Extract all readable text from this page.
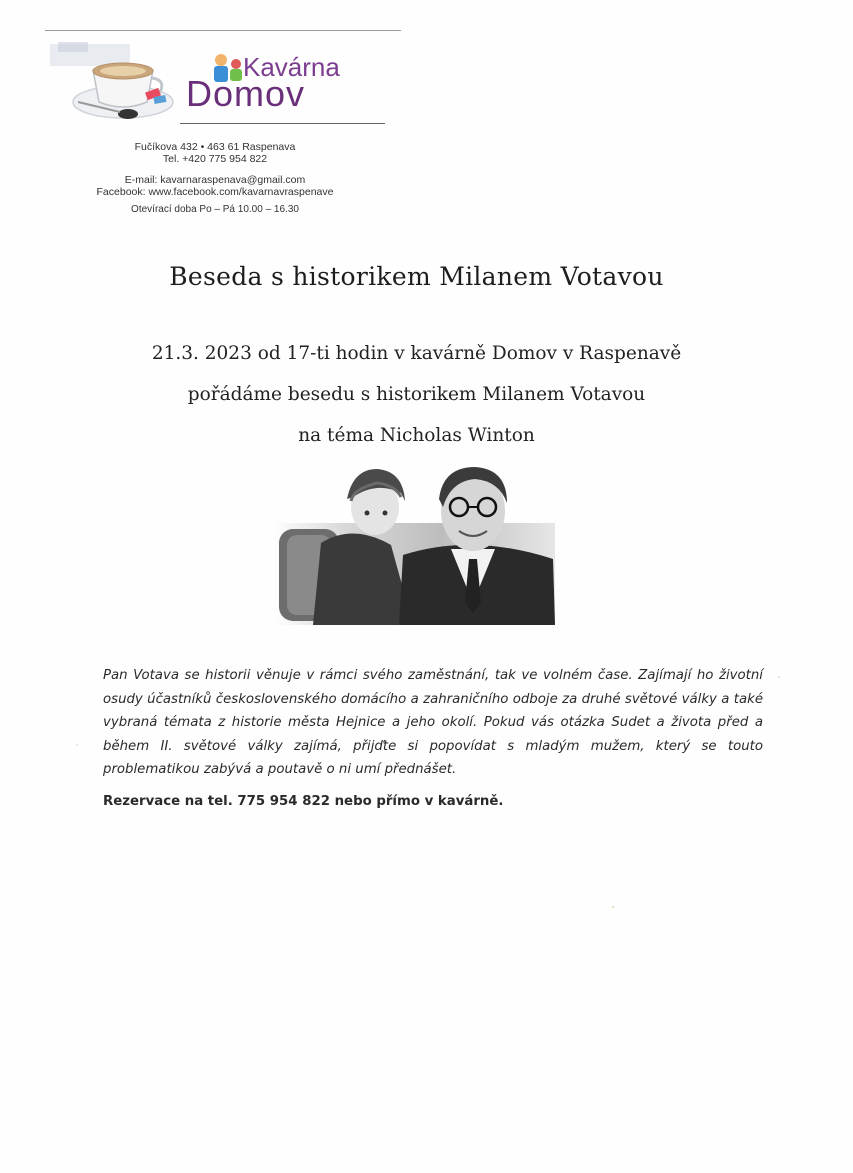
Kavárna
Domov
Fučíkova 432 • 463 61 Raspenava
Tel. +420 775 954 822
E-mail: kavarnaraspenava@gmail.com
Facebook: www.facebook.com/kavarnavraspenave
Otevírací doba Po – Pá 10.00 – 16.30
Beseda s historikem Milanem Votavou
21.3. 2023 od 17-ti hodin v kavárně Domov v Raspenavě
pořádáme besedu s historikem Milanem Votavou
na téma Nicholas Winton
Pan Votava se historii věnuje v rámci svého zaměstnání, tak ve volném čase. Zajímají ho životní osudy účastníků československého domácího a zahraničního odboje za druhé světové války a také vybraná témata z historie města Hejnice a jeho okolí. Pokud vás otázka Sudet a života před a během II. světové války zajímá, přijďte si popovídat s mladým mužem, který se touto problematikou zabývá a poutavě o ni umí přednášet.
Rezervace na tel. 775 954 822 nebo přímo v kavárně.
